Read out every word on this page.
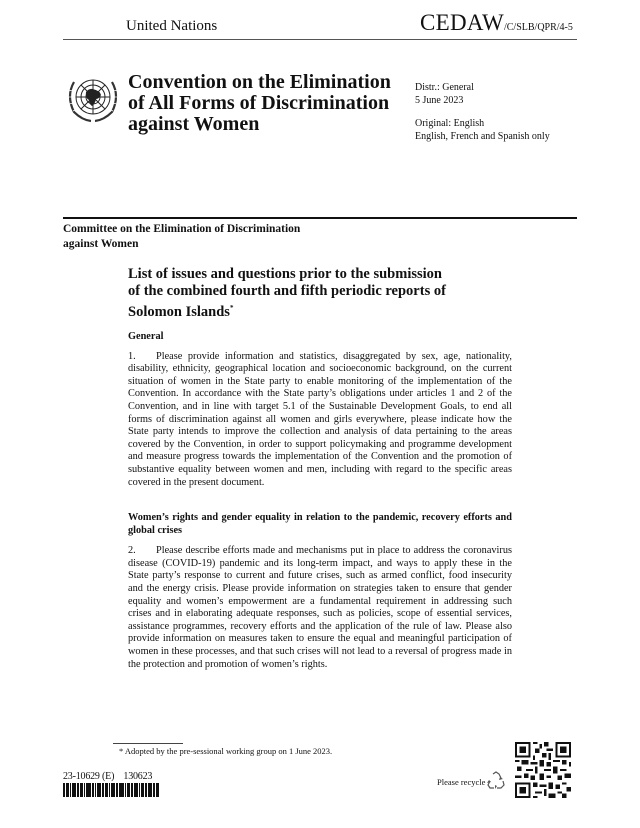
United Nations	CEDAW/C/SLB/QPR/4-5
Convention on the Elimination
of All Forms of Discrimination
against Women
Distr.: General
5 June 2023
Original: English
English, French and Spanish only
Committee on the Elimination of Discrimination
against Women
List of issues and questions prior to the submission
of the combined fourth and fifth periodic reports of
Solomon Islands*
General
1. Please provide information and statistics, disaggregated by sex, age, nationality, disability, ethnicity, geographical location and socioeconomic background, on the current situation of women in the State party to enable monitoring of the implementation of the Convention. In accordance with the State party’s obligations under articles 1 and 2 of the Convention, and in line with target 5.1 of the Sustainable Development Goals, to end all forms of discrimination against all women and girls everywhere, please indicate how the State party intends to improve the collection and analysis of data pertaining to the areas covered by the Convention, in order to support policymaking and programme development and measure progress towards the implementation of the Convention and the promotion of substantive equality between women and men, including with regard to the specific areas covered in the present document.
Women’s rights and gender equality in relation to the pandemic, recovery efforts and global crises
2. Please describe efforts made and mechanisms put in place to address the coronavirus disease (COVID-19) pandemic and its long-term impact, and ways to apply these in the State party’s response to current and future crises, such as armed conflict, food insecurity and the energy crisis. Please provide information on strategies taken to ensure that gender equality and women’s empowerment are a fundamental requirement in addressing such crises and in elaborating adequate responses, such as policies, scope of essential services, assistance programmes, recovery efforts and the application of the rule of law. Please also provide information on measures taken to ensure the equal and meaningful participation of women in these processes, and that such crises will not lead to a reversal of progress made in the protection and promotion of women’s rights.
* Adopted by the pre-sessional working group on 1 June 2023.
23-10629 (E)    130623	Please recycle
